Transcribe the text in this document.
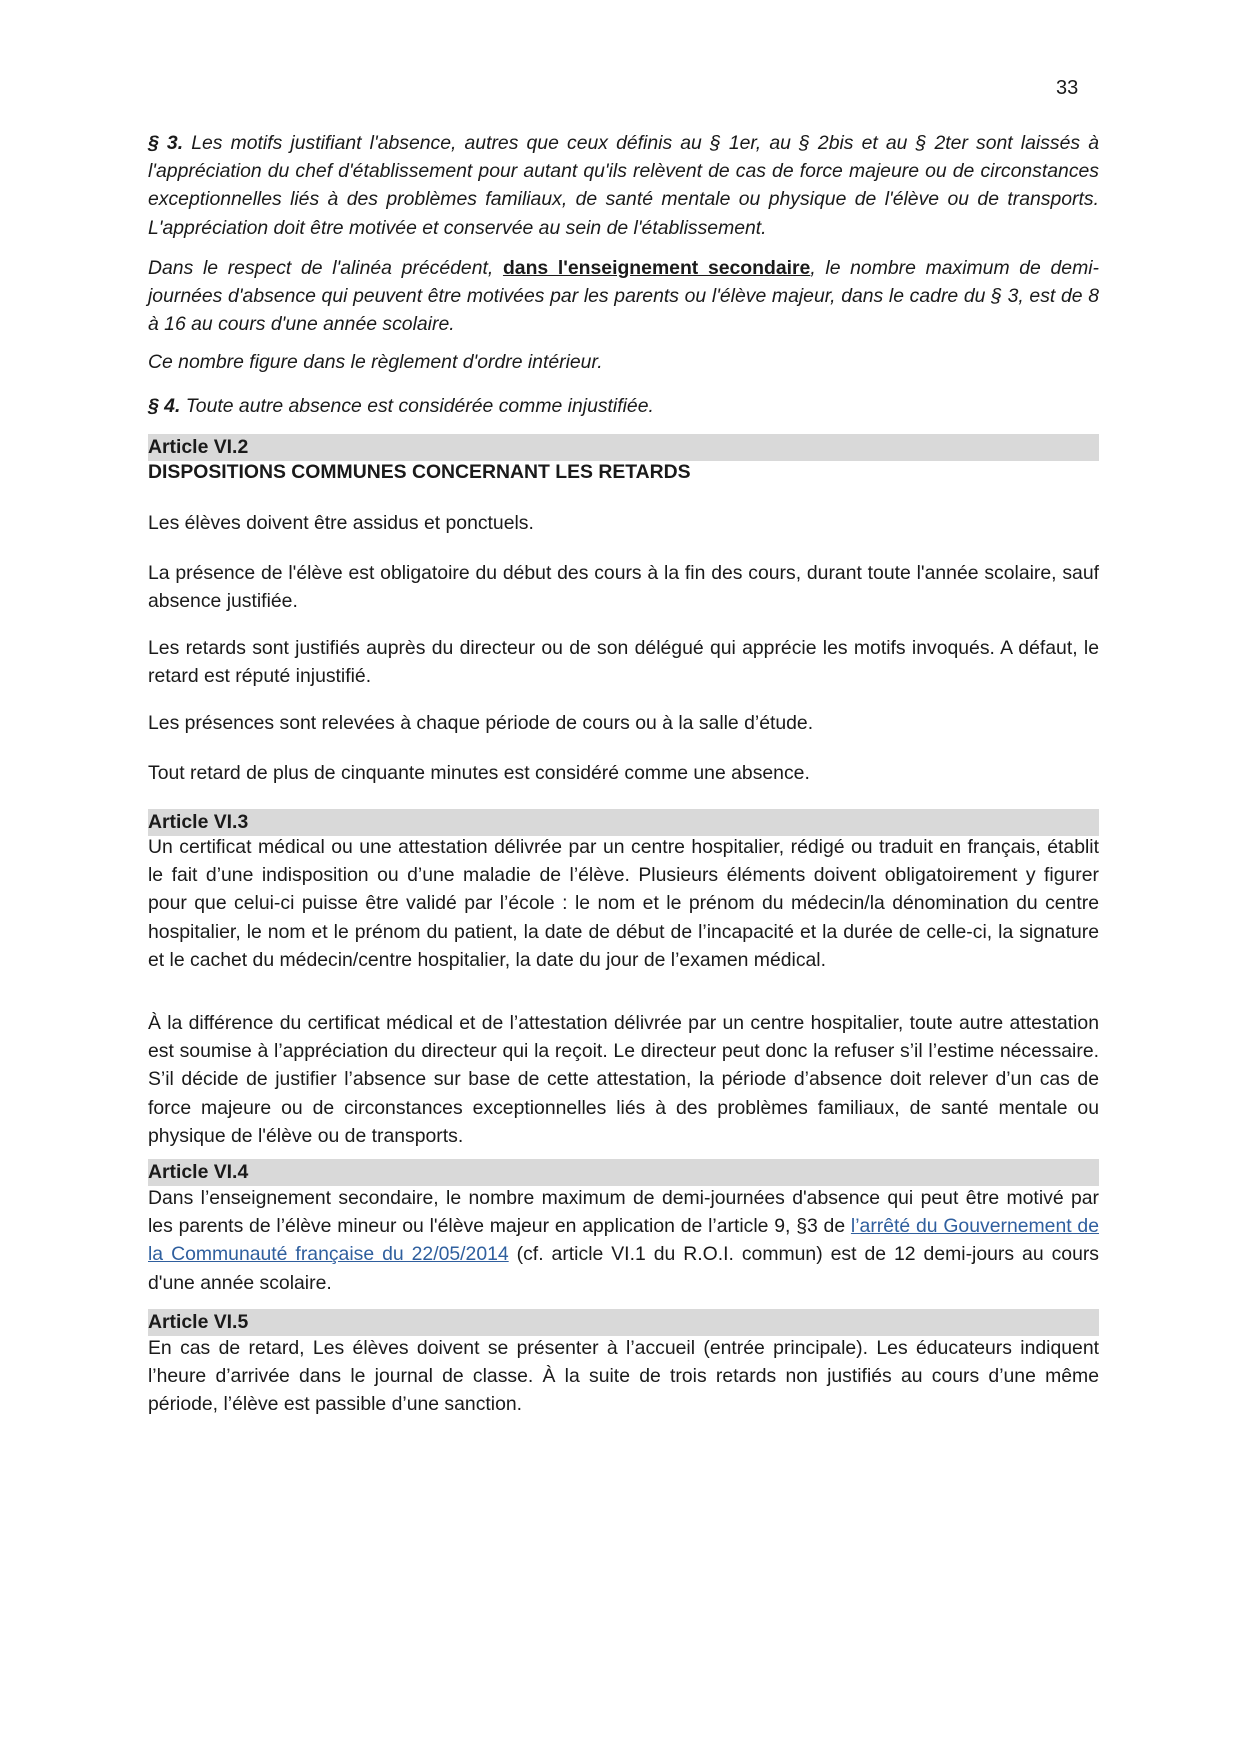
33

§ 3. Les motifs justifiant l'absence, autres que ceux définis au § 1er, au § 2bis et au § 2ter sont laissés à l'appréciation du chef d'établissement pour autant qu'ils relèvent de cas de force majeure ou de circonstances exceptionnelles liés à des problèmes familiaux, de santé mentale ou physique de l'élève ou de transports. L'appréciation doit être motivée et conservée au sein de l'établissement.

Dans le respect de l'alinéa précédent, dans l'enseignement secondaire, le nombre maximum de demi-journées d'absence qui peuvent être motivées par les parents ou l'élève majeur, dans le cadre du § 3, est de 8 à 16 au cours d'une année scolaire.

Ce nombre figure dans le règlement d'ordre intérieur.

§ 4. Toute autre absence est considérée comme injustifiée.

Article VI.2
DISPOSITIONS COMMUNES CONCERNANT LES RETARDS

Les élèves doivent être assidus et ponctuels.

La présence de l'élève est obligatoire du début des cours à la fin des cours, durant toute l'année scolaire, sauf absence justifiée.

Les retards sont justifiés auprès du directeur ou de son délégué qui apprécie les motifs invoqués. A défaut, le retard est réputé injustifié.

Les présences sont relevées à chaque période de cours ou à la salle d’étude.

Tout retard de plus de cinquante minutes est considéré comme une absence.

Article VI.3

Un certificat médical ou une attestation délivrée par un centre hospitalier, rédigé ou traduit en français, établit le fait d’une indisposition ou d’une maladie de l’élève. Plusieurs éléments doivent obligatoirement y figurer pour que celui-ci puisse être validé par l’école : le nom et le prénom du médecin/la dénomination du centre hospitalier, le nom et le prénom du patient, la date de début de l’incapacité et la durée de celle-ci, la signature et le cachet du médecin/centre hospitalier, la date du jour de l’examen médical.

À la différence du certificat médical et de l’attestation délivrée par un centre hospitalier, toute autre attestation est soumise à l’appréciation du directeur qui la reçoit. Le directeur peut donc la refuser s’il l’estime nécessaire. S’il décide de justifier l’absence sur base de cette attestation, la période d’absence doit relever d’un cas de force majeure ou de circonstances exceptionnelles liés à des problèmes familiaux, de santé mentale ou physique de l'élève ou de transports.

Article VI.4

Dans l’enseignement secondaire, le nombre maximum de demi-journées d'absence qui peut être motivé par les parents de l’élève mineur ou l'élève majeur en application de l’article 9, §3 de l’arrêté du Gouvernement de la Communauté française du 22/05/2014 (cf. article VI.1 du R.O.I. commun) est de 12 demi-jours au cours d'une année scolaire.

Article VI.5

En cas de retard, Les élèves doivent se présenter à l’accueil (entrée principale). Les éducateurs indiquent l’heure d’arrivée dans le journal de classe. À la suite de trois retards non justifiés au cours d’une même période, l’élève est passible d’une sanction.
